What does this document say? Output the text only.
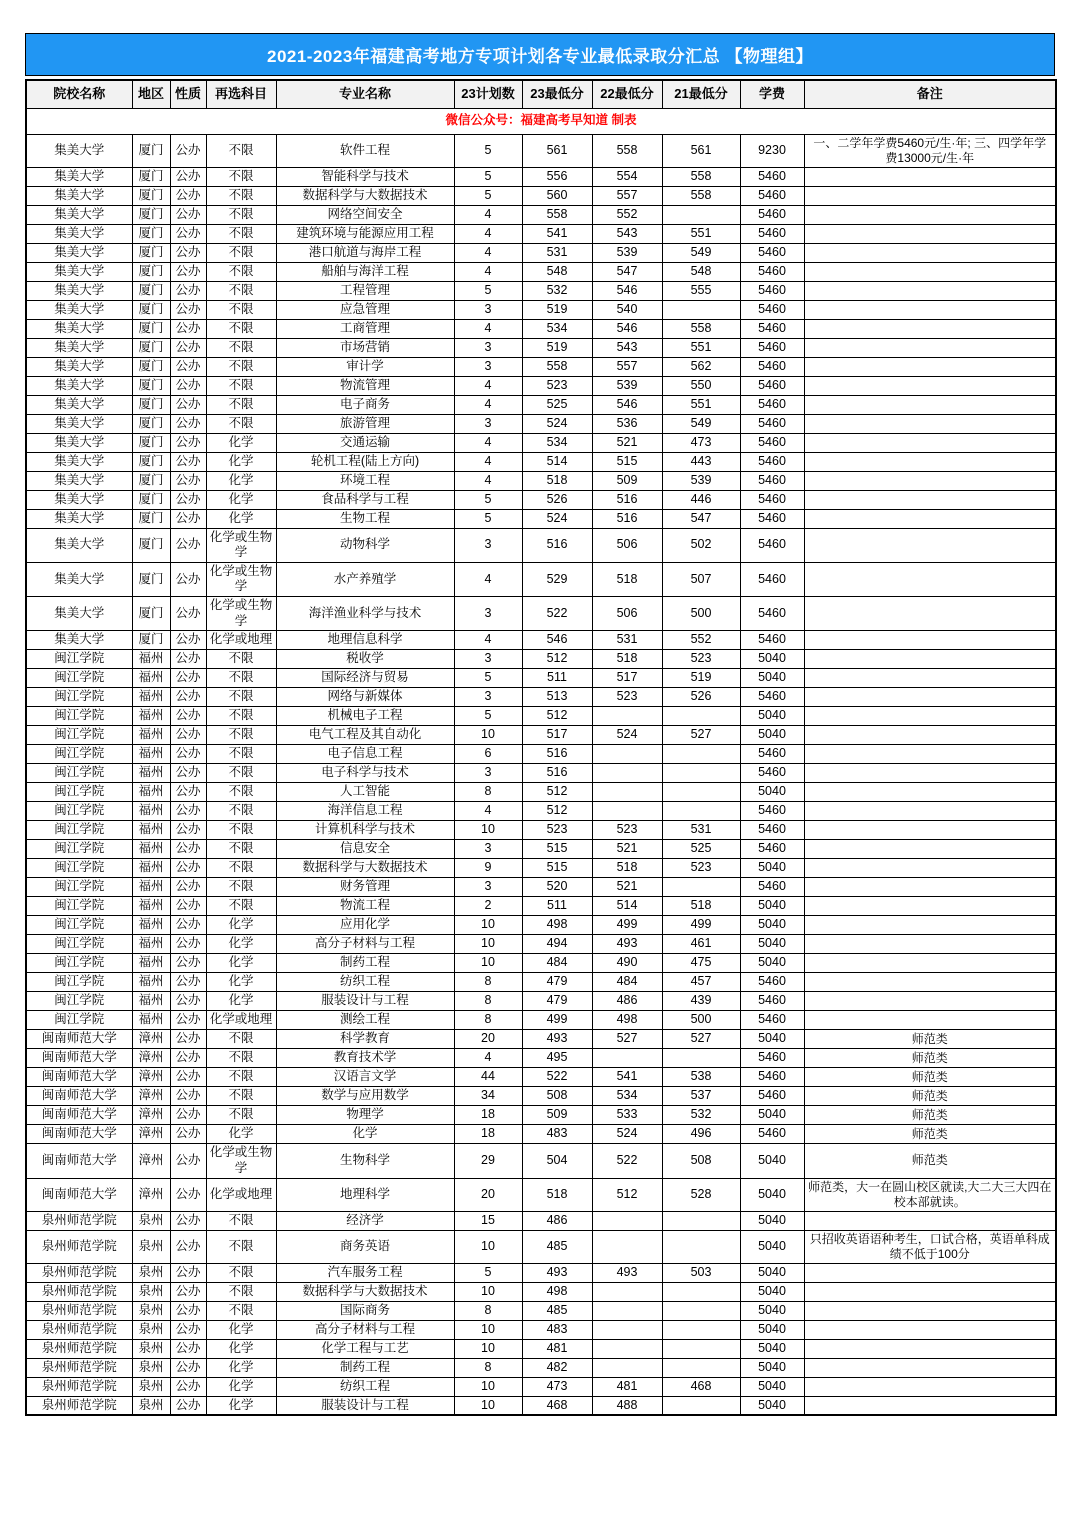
2021-2023年福建高考地方专项计划各专业最低录取分汇总 【物理组】
院校名称	地区	性质	再选科目	专业名称	23计划数	23最低分	22最低分	21最低分	学费	备注
微信公众号：福建高考早知道 制表										
集美大学	厦门	公办	不限	软件工程	5	561	558	561	9230	一、二学年学费5460元/生·年; 三、四学年学费13000元/生·年
集美大学	厦门	公办	不限	智能科学与技术	5	556	554	558	5460	
集美大学	厦门	公办	不限	数据科学与大数据技术	5	560	557	558	5460	
集美大学	厦门	公办	不限	网络空间安全	4	558	552		5460	
集美大学	厦门	公办	不限	建筑环境与能源应用工程	4	541	543	551	5460	
集美大学	厦门	公办	不限	港口航道与海岸工程	4	531	539	549	5460	
集美大学	厦门	公办	不限	船舶与海洋工程	4	548	547	548	5460	
集美大学	厦门	公办	不限	工程管理	5	532	546	555	5460	
集美大学	厦门	公办	不限	应急管理	3	519	540		5460	
集美大学	厦门	公办	不限	工商管理	4	534	546	558	5460	
集美大学	厦门	公办	不限	市场营销	3	519	543	551	5460	
集美大学	厦门	公办	不限	审计学	3	558	557	562	5460	
集美大学	厦门	公办	不限	物流管理	4	523	539	550	5460	
集美大学	厦门	公办	不限	电子商务	4	525	546	551	5460	
集美大学	厦门	公办	不限	旅游管理	3	524	536	549	5460	
集美大学	厦门	公办	化学	交通运输	4	534	521	473	5460	
集美大学	厦门	公办	化学	轮机工程(陆上方向)	4	514	515	443	5460	
集美大学	厦门	公办	化学	环境工程	4	518	509	539	5460	
集美大学	厦门	公办	化学	食品科学与工程	5	526	516	446	5460	
集美大学	厦门	公办	化学	生物工程	5	524	516	547	5460	
集美大学	厦门	公办	化学或生物学	动物科学	3	516	506	502	5460	
集美大学	厦门	公办	化学或生物学	水产养殖学	4	529	518	507	5460	
集美大学	厦门	公办	化学或生物学	海洋渔业科学与技术	3	522	506	500	5460	
集美大学	厦门	公办	化学或地理	地理信息科学	4	546	531	552	5460	
闽江学院	福州	公办	不限	税收学	3	512	518	523	5040	
闽江学院	福州	公办	不限	国际经济与贸易	5	511	517	519	5040	
闽江学院	福州	公办	不限	网络与新媒体	3	513	523	526	5460	
闽江学院	福州	公办	不限	机械电子工程	5	512			5040	
闽江学院	福州	公办	不限	电气工程及其自动化	10	517	524	527	5040	
闽江学院	福州	公办	不限	电子信息工程	6	516			5460	
闽江学院	福州	公办	不限	电子科学与技术	3	516			5460	
闽江学院	福州	公办	不限	人工智能	8	512			5040	
闽江学院	福州	公办	不限	海洋信息工程	4	512			5460	
闽江学院	福州	公办	不限	计算机科学与技术	10	523	523	531	5460	
闽江学院	福州	公办	不限	信息安全	3	515	521	525	5460	
闽江学院	福州	公办	不限	数据科学与大数据技术	9	515	518	523	5040	
闽江学院	福州	公办	不限	财务管理	3	520	521		5460	
闽江学院	福州	公办	不限	物流工程	2	511	514	518	5040	
闽江学院	福州	公办	化学	应用化学	10	498	499	499	5040	
闽江学院	福州	公办	化学	高分子材料与工程	10	494	493	461	5040	
闽江学院	福州	公办	化学	制药工程	10	484	490	475	5040	
闽江学院	福州	公办	化学	纺织工程	8	479	484	457	5460	
闽江学院	福州	公办	化学	服装设计与工程	8	479	486	439	5460	
闽江学院	福州	公办	化学或地理	测绘工程	8	499	498	500	5460	
闽南师范大学	漳州	公办	不限	科学教育	20	493	527	527	5040	师范类
闽南师范大学	漳州	公办	不限	教育技术学	4	495			5460	师范类
闽南师范大学	漳州	公办	不限	汉语言文学	44	522	541	538	5460	师范类
闽南师范大学	漳州	公办	不限	数学与应用数学	34	508	534	537	5460	师范类
闽南师范大学	漳州	公办	不限	物理学	18	509	533	532	5040	师范类
闽南师范大学	漳州	公办	化学	化学	18	483	524	496	5460	师范类
闽南师范大学	漳州	公办	化学或生物学	生物科学	29	504	522	508	5040	师范类
闽南师范大学	漳州	公办	化学或地理	地理科学	20	518	512	528	5040	师范类，大一在圆山校区就读,大二大三大四在校本部就读。
泉州师范学院	泉州	公办	不限	经济学	15	486			5040	
泉州师范学院	泉州	公办	不限	商务英语	10	485			5040	只招收英语语种考生，口试合格，英语单科成绩不低于100分
泉州师范学院	泉州	公办	不限	汽车服务工程	5	493	493	503	5040	
泉州师范学院	泉州	公办	不限	数据科学与大数据技术	10	498			5040	
泉州师范学院	泉州	公办	不限	国际商务	8	485			5040	
泉州师范学院	泉州	公办	化学	高分子材料与工程	10	483			5040	
泉州师范学院	泉州	公办	化学	化学工程与工艺	10	481			5040	
泉州师范学院	泉州	公办	化学	制药工程	8	482			5040	
泉州师范学院	泉州	公办	化学	纺织工程	10	473	481	468	5040	
泉州师范学院	泉州	公办	化学	服装设计与工程	10	468	488		5040	
